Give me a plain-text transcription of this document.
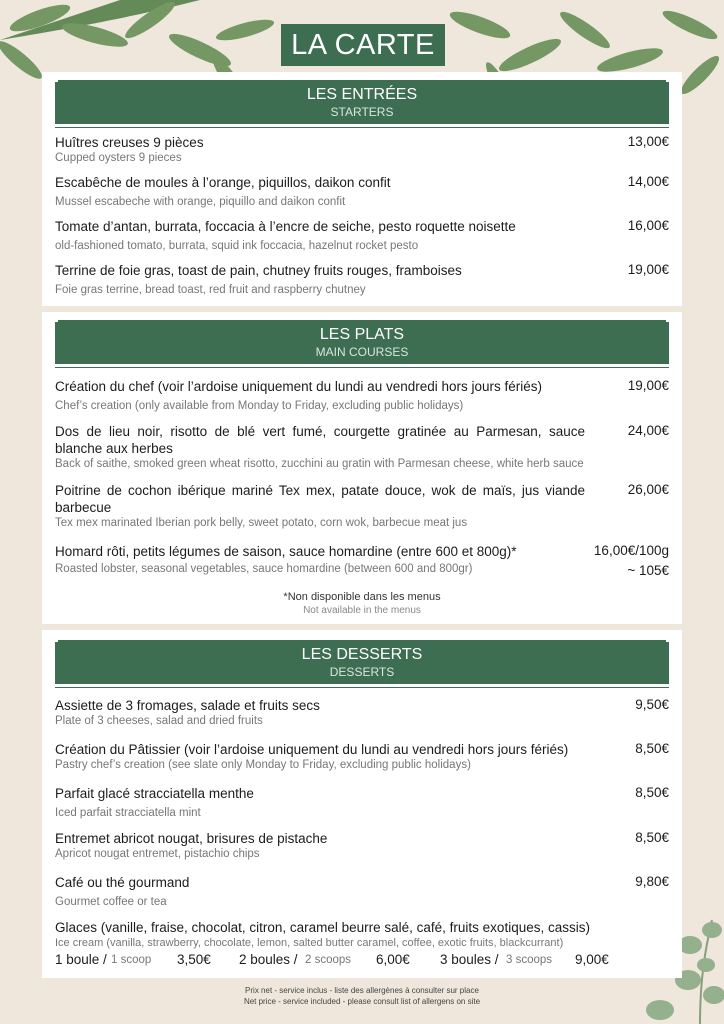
LA CARTE
LES ENTRÉES
STARTERS
Huîtres creuses 9 pièces
Cupped oysters 9 pieces
13,00€
Escabêche de moules à l’orange, piquillos, daikon confit
Mussel escabeche with orange, piquillo and daikon confit
14,00€
Tomate d’antan, burrata, foccacia à l’encre de seiche, pesto roquette noisette
old-fashioned tomato, burrata, squid ink foccacia, hazelnut rocket pesto
16,00€
Terrine de foie gras, toast de pain, chutney fruits rouges, framboises
Foie gras terrine, bread toast, red fruit and raspberry chutney
19,00€
LES PLATS
MAIN COURSES
Création du chef (voir l’ardoise uniquement du lundi au vendredi hors jours fériés)
Chef’s creation (only available from Monday to Friday, excluding public holidays)
19,00€
Dos de lieu noir, risotto de blé vert fumé, courgette gratinée au Parmesan, sauce blanche aux herbes
Back of saithe, smoked green wheat risotto, zucchini au gratin with Parmesan cheese, white herb sauce
24,00€
Poitrine de cochon ibérique mariné Tex mex, patate douce, wok de maïs, jus viande barbecue
Tex mex marinated Iberian pork belly, sweet potato, corn wok, barbecue meat jus
26,00€
Homard rôti, petits légumes de saison, sauce homardine (entre 600 et 800g)*
Roasted lobster, seasonal vegetables, sauce homardine (between 600 and 800gr)
16,00€/100g
~ 105€
*Non disponible dans les menus
Not available in the menus
LES DESSERTS
DESSERTS
Assiette de 3 fromages, salade et fruits secs
Plate of 3 cheeses, salad and dried fruits
9,50€
Création du Pâtissier (voir l’ardoise uniquement du lundi au vendredi hors jours fériés)
Pastry chef’s creation (see slate only Monday to Friday, excluding public holidays)
8,50€
Parfait glacé stracciatella menthe
Iced parfait stracciatella mint
8,50€
Entremet abricot nougat, brisures de pistache
Apricot nougat entremet, pistachio chips
8,50€
Café ou thé gourmand
Gourmet coffee or tea
9,80€
Glaces (vanille, fraise, chocolat, citron, caramel beurre salé, café, fruits exotiques, cassis)
Ice cream (vanilla, strawberry, chocolate, lemon, salted butter caramel, coffee, exotic fruits, blackcurrant)
1 boule / 1 scoop 3,50€ 2 boules / 2 scoops 6,00€ 3 boules / 3 scoops 9,00€
Prix net - service inclus - liste des allergènes à consulter sur place
Net price - service included - please consult list of allergens on site
